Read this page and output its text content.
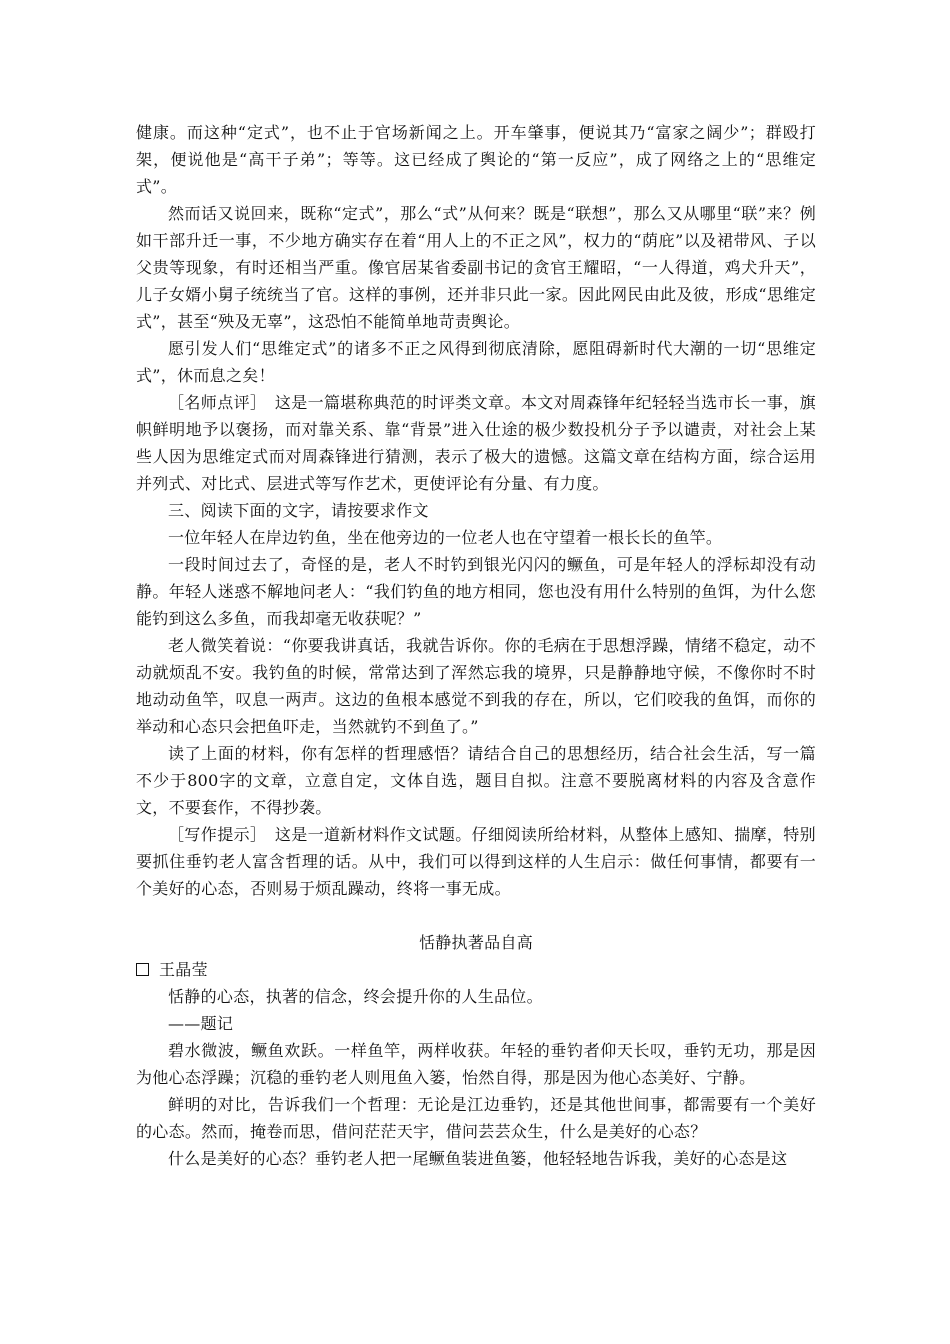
健康。而这种“定式”，也不止于官场新闻之上。开车肇事，便说其乃“富家之阔少”；群殴打架，便说他是“高干子弟”；等等。这已经成了舆论的“第一反应”，成了网络之上的“思维定式”。

然而话又说回来，既称“定式”，那么“式”从何来？既是“联想”，那么又从哪里“联”来？例如干部升迁一事，不少地方确实存在着“用人上的不正之风”，权力的“荫庇”以及裙带风、子以父贵等现象，有时还相当严重。像官居某省委副书记的贪官王耀昭，“一人得道，鸡犬升天”，儿子女婿小舅子统统当了官。这样的事例，还并非只此一家。因此网民由此及彼，形成“思维定式”，甚至“殃及无辜”，这恐怕不能简单地苛责舆论。

愿引发人们“思维定式”的诸多不正之风得到彻底清除，愿阻碍新时代大潮的一切“思维定式”，休而息之矣！

［名师点评］　这是一篇堪称典范的时评类文章。本文对周森锋年纪轻轻当选市长一事，旗帜鲜明地予以褒扬，而对靠关系、靠“背景”进入仕途的极少数投机分子予以谴责，对社会上某些人因为思维定式而对周森锋进行猜测，表示了极大的遗憾。这篇文章在结构方面，综合运用并列式、对比式、层进式等写作艺术，更使评论有分量、有力度。

三、阅读下面的文字，请按要求作文

一位年轻人在岸边钓鱼，坐在他旁边的一位老人也在守望着一根长长的鱼竿。

一段时间过去了，奇怪的是，老人不时钓到银光闪闪的鳜鱼，可是年轻人的浮标却没有动静。年轻人迷惑不解地问老人：“我们钓鱼的地方相同，您也没有用什么特别的鱼饵，为什么您能钓到这么多鱼，而我却毫无收获呢？”

老人微笑着说：“你要我讲真话，我就告诉你。你的毛病在于思想浮躁，情绪不稳定，动不动就烦乱不安。我钓鱼的时候，常常达到了浑然忘我的境界，只是静静地守候，不像你时不时地动动鱼竿，叹息一两声。这边的鱼根本感觉不到我的存在，所以，它们咬我的鱼饵，而你的举动和心态只会把鱼吓走，当然就钓不到鱼了。”

读了上面的材料，你有怎样的哲理感悟？请结合自己的思想经历，结合社会生活，写一篇不少于800字的文章，立意自定，文体自选，题目自拟。注意不要脱离材料的内容及含意作文，不要套作，不得抄袭。

［写作提示］　这是一道新材料作文试题。仔细阅读所给材料，从整体上感知、揣摩，特别要抓住垂钓老人富含哲理的话。从中，我们可以得到这样的人生启示：做任何事情，都要有一个美好的心态，否则易于烦乱躁动，终将一事无成。

恬静执著品自高

王晶莹

恬静的心态，执著的信念，终会提升你的人生品位。

——题记

碧水微波，鳜鱼欢跃。一样鱼竿，两样收获。年轻的垂钓者仰天长叹，垂钓无功，那是因为他心态浮躁；沉稳的垂钓老人则甩鱼入篓，怡然自得，那是因为他心态美好、宁静。

鲜明的对比，告诉我们一个哲理：无论是江边垂钓，还是其他世间事，都需要有一个美好的心态。然而，掩卷而思，借问茫茫天宇，借问芸芸众生，什么是美好的心态？

什么是美好的心态？垂钓老人把一尾鳜鱼装进鱼篓，他轻轻地告诉我，美好的心态是这
